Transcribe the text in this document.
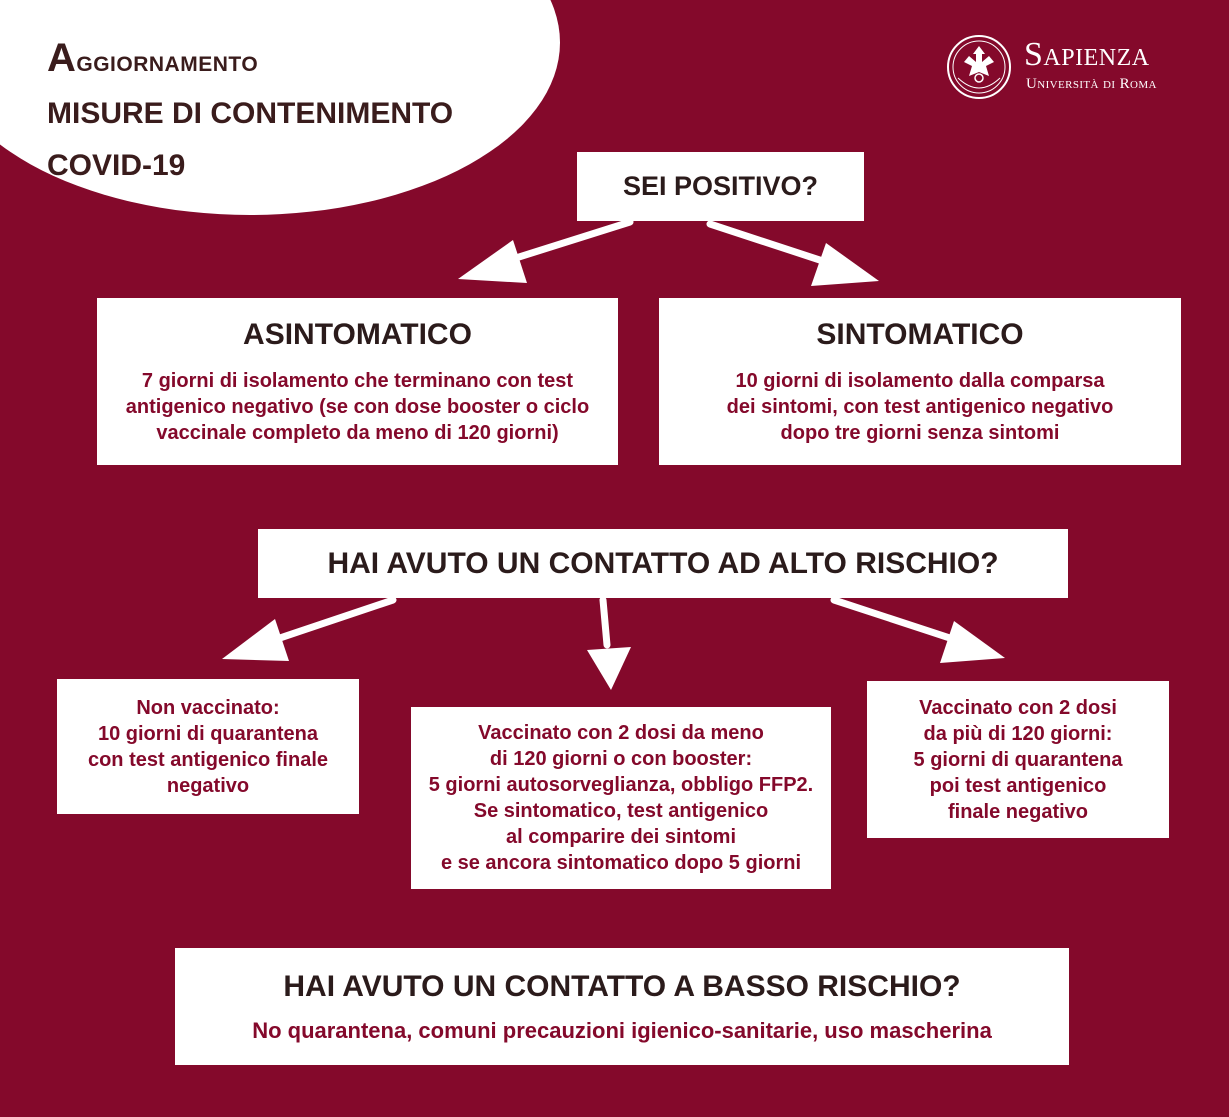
Aggiornamento
MISURE DI CONTENIMENTO
COVID-19
Sapienza
Università di Roma
SEI POSITIVO?
ASINTOMATICO
7 giorni di isolamento che terminano con test
antigenico negativo (se con dose booster o ciclo
vaccinale completo da meno di 120 giorni)
SINTOMATICO
10 giorni di isolamento dalla comparsa
dei sintomi, con test antigenico negativo
dopo tre giorni senza sintomi
HAI AVUTO UN CONTATTO AD ALTO RISCHIO?
Non vaccinato:
10 giorni di quarantena
con test antigenico finale
negativo
Vaccinato con 2 dosi da meno
di 120 giorni o con booster:
5 giorni autosorveglianza, obbligo FFP2.
Se sintomatico, test antigenico
al comparire dei sintomi
e se ancora sintomatico dopo 5 giorni
Vaccinato con 2 dosi
da più di 120 giorni:
5 giorni di quarantena
poi test antigenico
finale negativo
HAI AVUTO UN CONTATTO A BASSO RISCHIO?
No quarantena, comuni precauzioni igienico-sanitarie, uso mascherina
